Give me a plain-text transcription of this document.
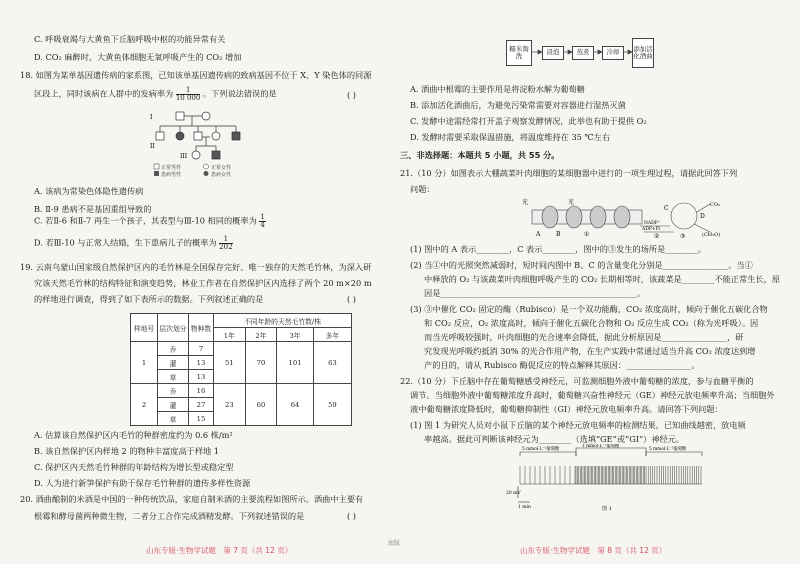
C. 呼吸衰竭与大黄鱼下丘脑呼吸中枢的功能异常有关
D. CO₂ 麻醉时，大黄鱼体细胞无氧呼吸产生的 CO₂ 增加
18. 如图为某单基因遗传病的家系图，已知该单基因遗传病的致病基因不位于 X、Y 染色体的同源
区段上，同时该病在人群中的发病率为 $\frac{1}{10 000}$ 。下列说法错误的是	( )
I
II
III
正常男性	正常女性
患病男性	患病女性
A. 该病为常染色体隐性遗传病
B. Ⅱ-9 患病不是基因重组导致的
C. 若Ⅱ-6 和Ⅱ-7 再生一个孩子，其表型与Ⅲ-10 相同的概率为 $\frac{1}{4}$
D. 若Ⅲ-10 与正常人结婚，生下患病儿子的概率为 $\frac{1}{202}$
19. 云南乌蒙山国家级自然保护区内的毛竹林是全国保存完好、唯一独存的天然毛竹林，为深入研
究该天然毛竹林的结构特征和演变趋势，林业工作者在自然保护区内选择了两个 20 m×20 m
的样地进行调查，得到了如下表所示的数据。下列叙述正确的是	( )
样地号	层次划分	物种数	不同年龄的天然毛竹数/株			
			1年	2年	3年	多年
1	乔	7	51	70	101	63
	灌	13				
	草	13				
2	乔	16	23	60	64	59
	灌	27				
	草	15				
A. 估算该自然保护区内毛竹的种群密度约为 0.6 株/m²
B. 该自然保护区内样地 2 的物种丰富度高于样地 1
C. 保护区内天然毛竹种群的年龄结构为增长型或稳定型
D. 人为进行新笋保护有助于保存毛竹种群的遗传多样性资源
20. 酒曲酿制的米酒是中国的一种传统饮品，家庭自制米酒的主要流程如图所示。酒曲中主要有
根霉和酵母菌两种微生物，二者分工合作完成酒精发酵。下列叙述错误的是	( )
山东专版·生物学试题　第 7 页（共 12 页）
底版
糯米淘洗	浸泡	蒸煮	冷却	添加活化酒曲
A. 酒曲中根霉的主要作用是将淀粉水解为葡萄糖
B. 添加活化酒曲后，为避免污染常需要对容器进行湿热灭菌
C. 发酵中途需经常打开盖子观察发酵情况，此举也有助于提供 O₂
D. 发酵时需要采取保温措施，将温度维持在 35 ℃左右
三、非选择题：本题共 5 小题，共 55 分。
21.（10 分）如图表示大棚蔬菜叶肉细胞的某细胞器中进行的一项生理过程，请据此回答下列
问题：
光	光
C
D
CO₂
(CH₂O)
NADP⁺
ADP+Pi
A	B	①	②	③
(1) 图中的 A 表示________，C 表示________，图中的③发生的场所是________。
(2) 当①中的光照突然减弱时，短时间内图中 B、C 的含量变化分别是________________。当①
中释放的 O₂ 与该蔬菜叶肉细胞呼吸产生的 CO₂ 长期相等时，该蔬菜是________不能正常生长，原
因是________________________________________________。
(3) ③中催化 CO₂ 固定的酶（Rubisco）是一个双功能酶，CO₂ 浓度高时，倾向于催化五碳化合物
和 CO₂ 反应，O₂ 浓度高时，倾向于催化五碳化合物和 O₂ 反应生成 CO₂（称为光呼吸）。因
而当光呼吸较强时，叶肉细胞的光合速率会降低，据此分析原因是________________，研
究发现光呼吸约抵消 30% 的光合作用产物，在生产实践中常通过适当升高 CO₂ 浓度达到增
产的目的，请从 Rubisco 酶促反应的特点解释其原因：________________。
22.（10 分）下丘脑中存在葡萄糖感受神经元，可监测细胞外液中葡萄糖的浓度，参与血糖平衡的
调节。当细胞外液中葡萄糖浓度升高时，葡萄糖兴奋性神经元（GE）神经元放电频率升高；当细胞外
液中葡萄糖浓度降低时，葡萄糖抑制性（GI）神经元放电频率升高。请回答下列问题：
(1) 图 1 为研究人员对小鼠下丘脑的某个神经元放电频率的检测结果，已知曲线越密，放电频
率越高。据此可判断该神经元为________（选填“GE”或“GI”）神经元。
5 mmol·L⁻¹葡萄糖
1 mmol·L⁻¹葡萄糖
5 mmol·L⁻¹葡萄糖
20 mV
1 min	图 1
山东专版·生物学试题　第 8 页（共 12 页）
